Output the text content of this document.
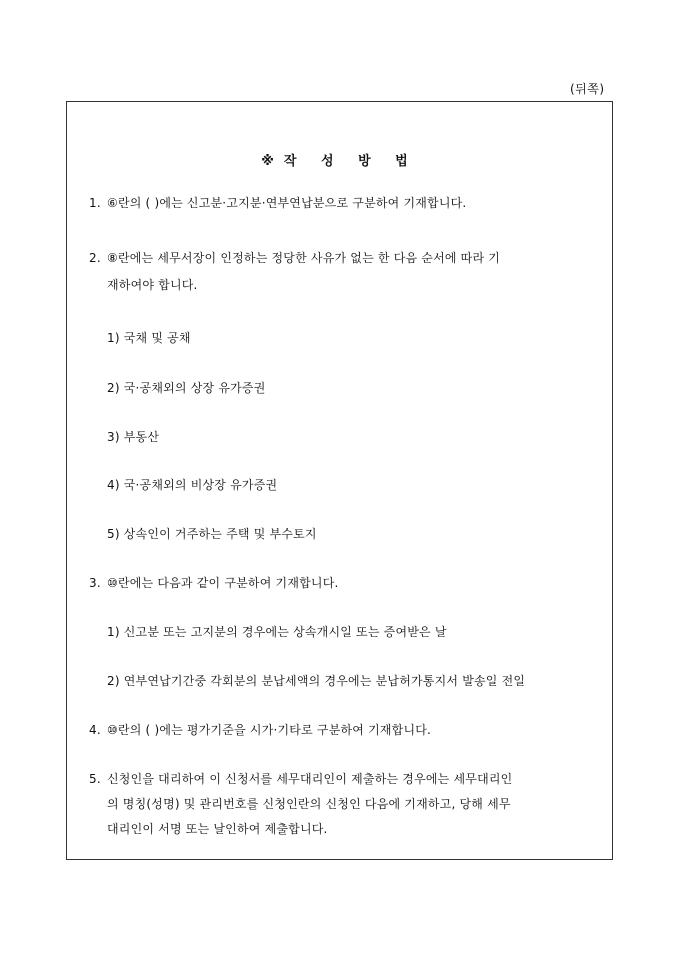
(뒤쪽)
※작 성 방 법
1. ⑥란의 ( )에는 신고분·고지분·연부연납분으로 구분하여 기재합니다.
2. ⑧란에는 세무서장이 인정하는 정당한 사유가 없는 한 다음 순서에 따라 기
재하여야 합니다.
1) 국채 및 공채
2) 국·공채외의 상장 유가증권
3) 부동산
4) 국·공채외의 비상장 유가증권
5) 상속인이 거주하는 주택 및 부수토지
3. ⑩란에는 다음과 같이 구분하여 기재합니다.
1) 신고분 또는 고지분의 경우에는 상속개시일 또는 증여받은 날
2) 연부연납기간중 각회분의 분납세액의 경우에는 분납허가통지서 발송일 전일
4. ⑩란의 ( )에는 평가기준을 시가·기타로 구분하여 기재합니다.
5. 신청인을 대리하여 이 신청서를 세무대리인이 제출하는 경우에는 세무대리인
의 명칭(성명) 및 관리번호를 신청인란의 신청인 다음에 기재하고, 당해 세무
대리인이 서명 또는 날인하여 제출합니다.
